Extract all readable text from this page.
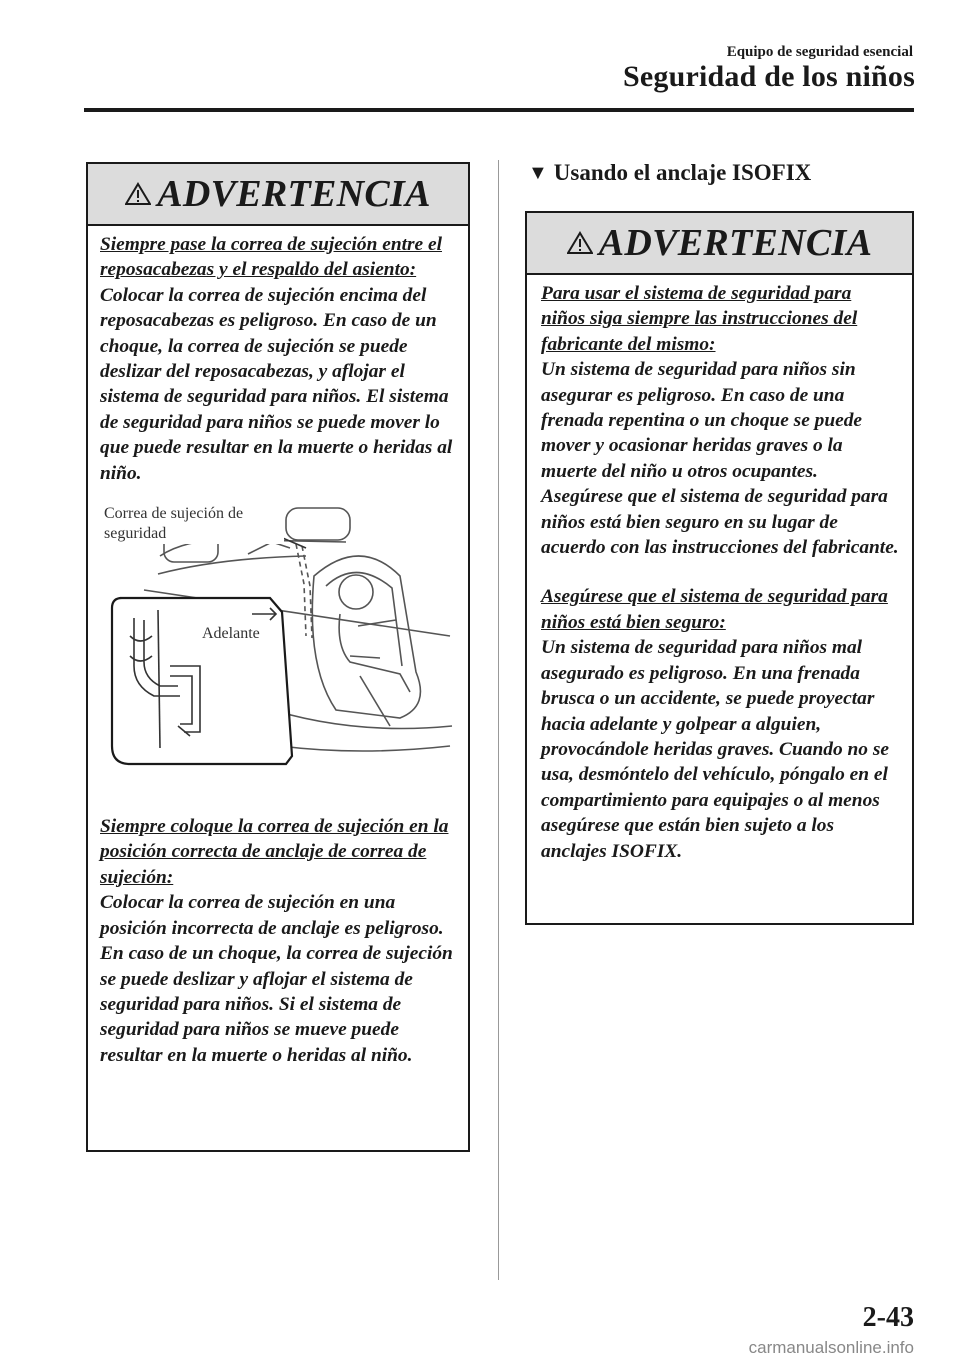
Equipo de seguridad esencial
Seguridad de los niños
ADVERTENCIA

Siempre pase la correa de sujeción entre el reposacabezas y el respaldo del asiento:

Colocar la correa de sujeción encima del reposacabezas es peligroso. En caso de un choque, la correa de sujeción se puede deslizar del reposacabezas, y aflojar el sistema de seguridad para niños. El sistema de seguridad para niños se puede mover lo que puede resultar en la muerte o heridas al niño.

Correa de sujeción de seguridad
Adelante

Siempre coloque la correa de sujeción en la posición correcta de anclaje de correa de sujeción:

Colocar la correa de sujeción en una posición incorrecta de anclaje es peligroso. En caso de un choque, la correa de sujeción se puede deslizar y aflojar el sistema de seguridad para niños. Si el sistema de seguridad para niños se mueve puede resultar en la muerte o heridas al niño.

▼ Usando el anclaje ISOFIX
ADVERTENCIA

Para usar el sistema de seguridad para niños siga siempre las instrucciones del fabricante del mismo:

Un sistema de seguridad para niños sin asegurar es peligroso. En caso de una frenada repentina o un choque se puede mover y ocasionar heridas graves o la muerte del niño u otros ocupantes. Asegúrese que el sistema de seguridad para niños está bien seguro en su lugar de acuerdo con las instrucciones del fabricante.

Asegúrese que el sistema de seguridad para niños está bien seguro:

Un sistema de seguridad para niños mal asegurado es peligroso. En una frenada brusca o un accidente, se puede proyectar hacia adelante y golpear a alguien, provocándole heridas graves. Cuando no se usa, desmóntelo del vehículo, póngalo en el compartimiento para equipajes o al menos asegúrese que están bien sujeto a los anclajes ISOFIX.

2-43
carmanualsonline.info
